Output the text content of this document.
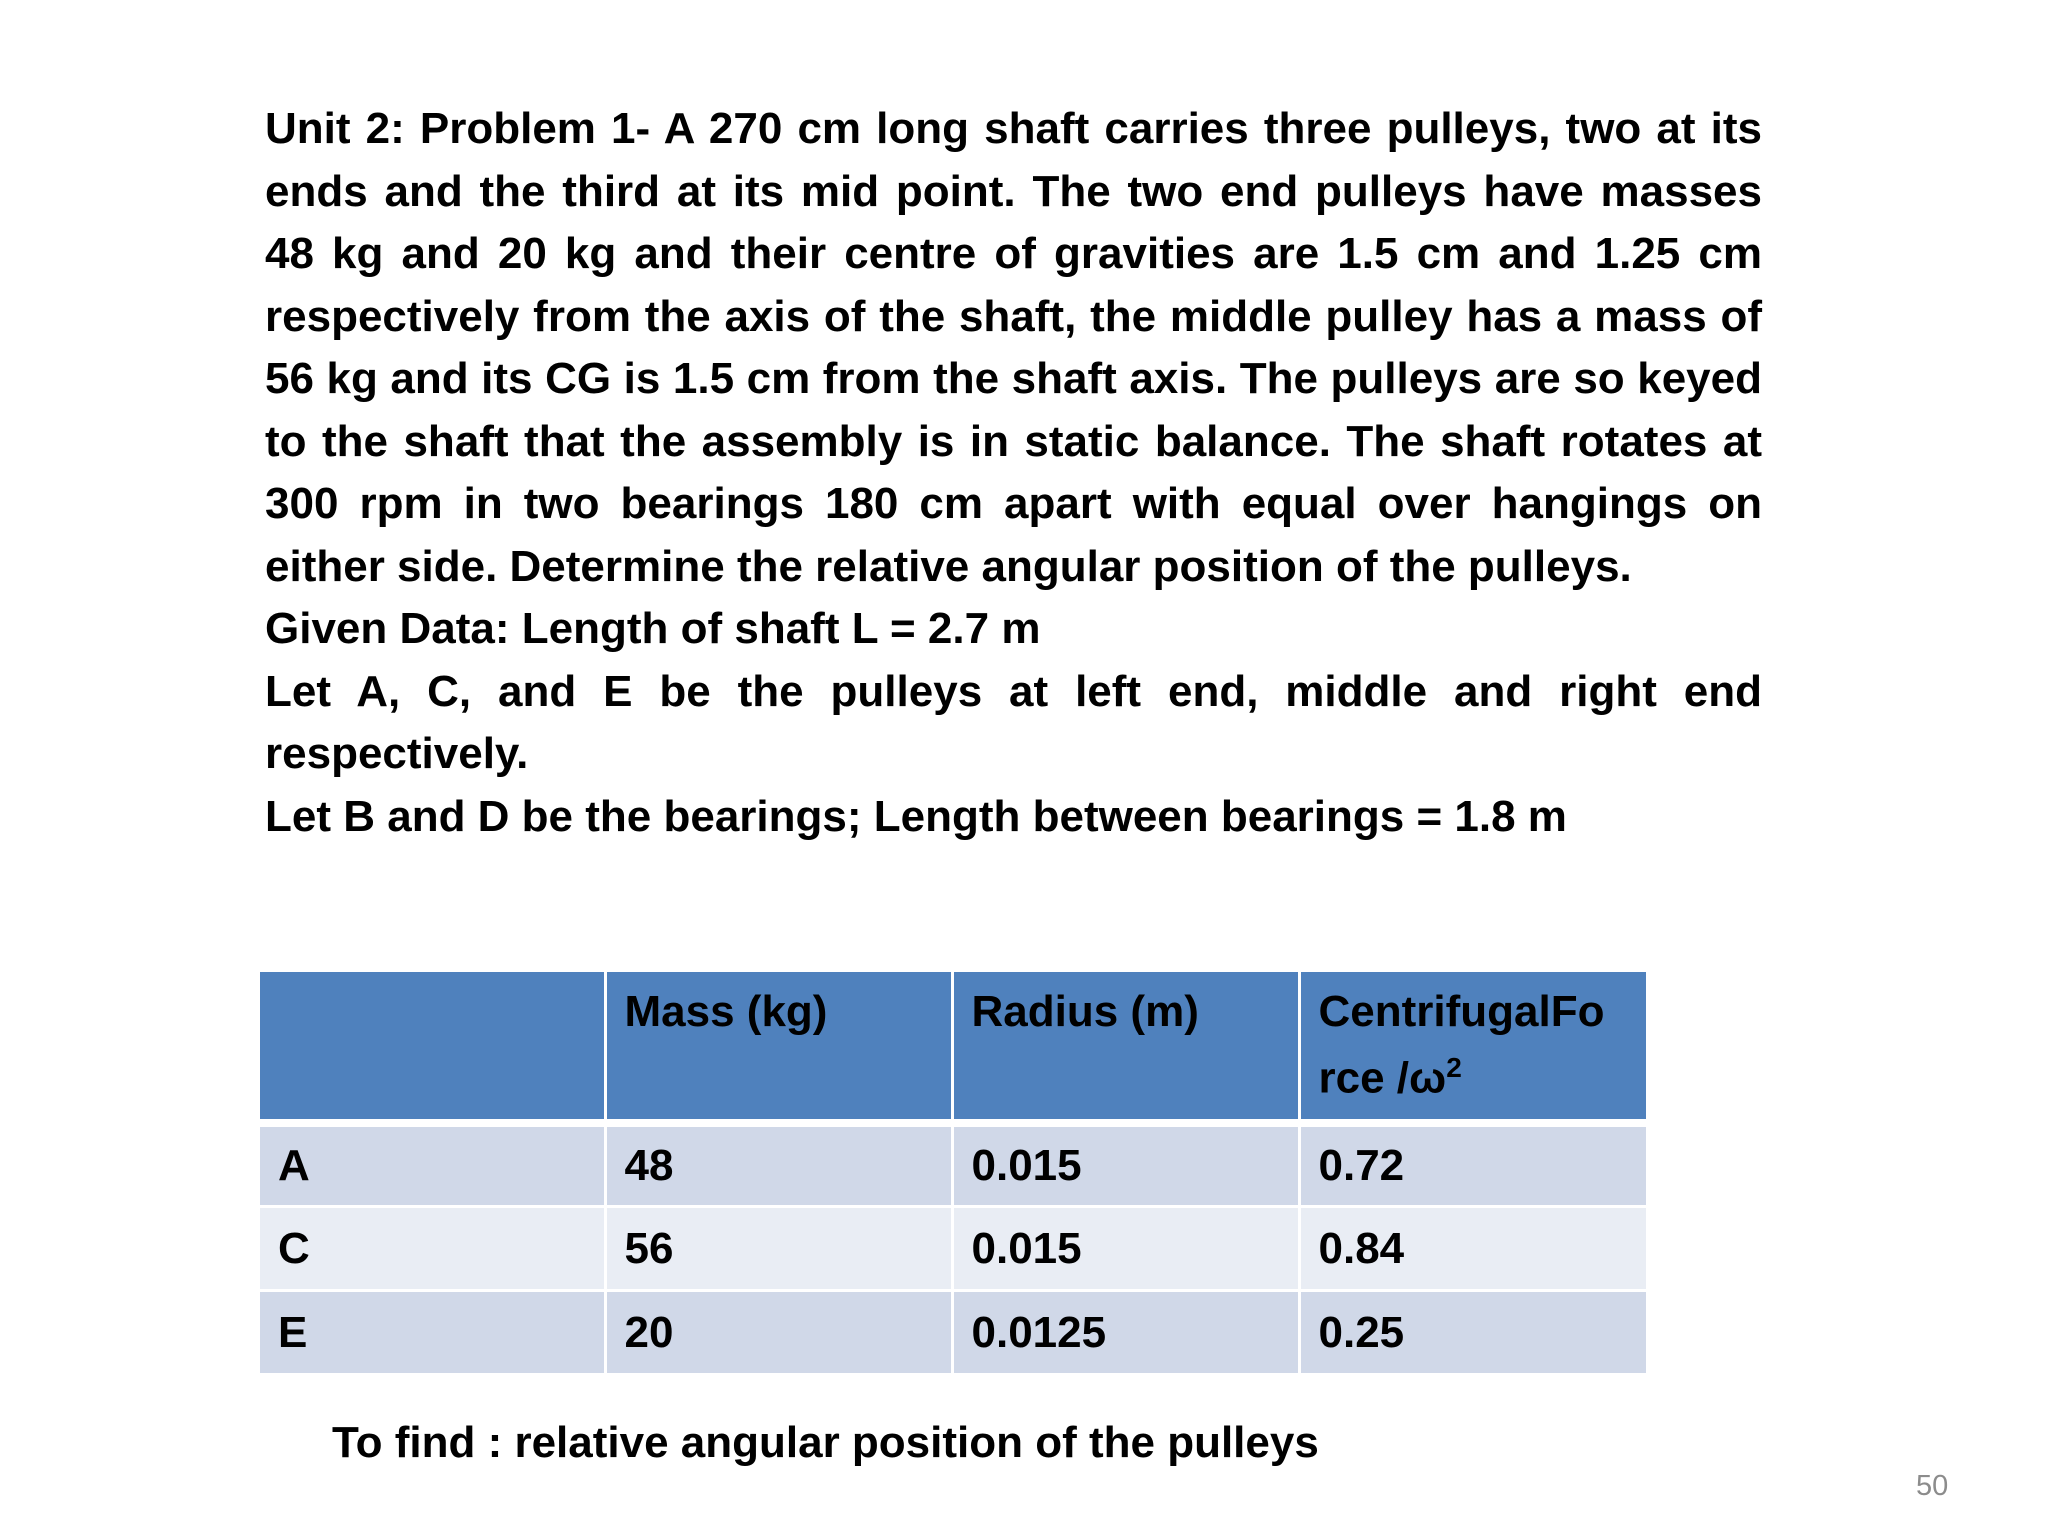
Unit 2: Problem 1- A 270 cm long shaft carries three pulleys, two at its ends and the third at its mid point. The two end pulleys have masses 48 kg and 20 kg and their centre of gravities are 1.5 cm and 1.25 cm respectively from the axis of the shaft, the middle pulley has a mass of 56 kg and its CG is 1.5 cm from the shaft axis. The pulleys are so keyed to the shaft that the assembly is in static balance. The shaft rotates at 300 rpm in two bearings 180 cm apart with equal over hangings on either side. Determine the relative angular position of the pulleys.

Given Data: Length of shaft L = 2.7 m

Let A, C, and E be the pulleys at left end, middle and right end respectively.

Let B and D be the bearings; Length between bearings = 1.8 m

	Mass (kg)	Radius (m)	CentrifugalFo
rce $/\omega^2$
A	48	0.015	0.72
C	56	0.015	0.84
E	20	0.0125	0.25
To find : relative angular position of the pulleys
50
